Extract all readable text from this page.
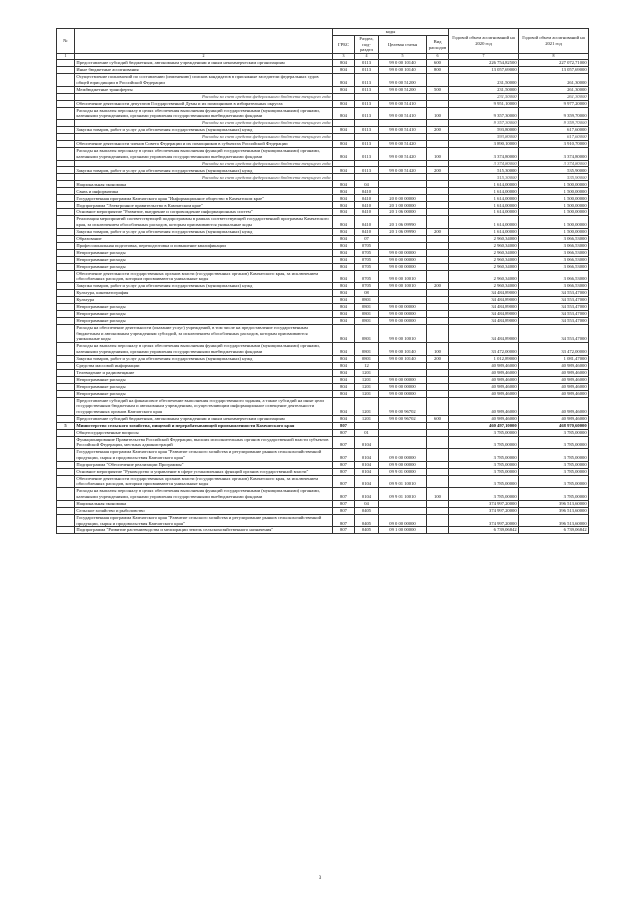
№		коды				Годовой объем ассигнований на 2020 год	Годовой объем ассигнований на 2021 год
		ГРБС	Раздел, под-раздел	Целевая статья	Вид расходов		
1	2	3	4	5	6	7	8
	Предоставление субсидий бюджетным, автономным учреждениям и иным некоммерческим организациям	804	0113	99 0 00 10140	600	226 754,82500	227 072,71000
	Иные бюджетные ассигнования	804	0113	99 0 00 10140	800	13 057,69000	13 057,69000
	Осуществление полномочий по составлению (изменению) списков кандидатов в присяжные заседатели федеральных судов общей юрисдикции в Российской Федерации	804	0113	99 0 00 51200		231,50000	261,30000
	Межбюджетные трансферты	804	0113	99 0 00 51200	500	231,50000	261,30000
	Расходы за счет средств федерального бюджета текущего года					231,50000	261,30000
	Обеспечение деятельности депутатов Государственной Думы и их помощников в избирательных округах	804	0113	99 0 00 51410		9 951,10000	9 977,20000
	Расходы на выплаты персоналу в целях обеспечения выполнения функций государственными (муниципальными) органами, казенными учреждениями, органами управления государственными внебюджетными фондами	804	0113	99 0 00 51410	100	9 357,30000	9 359,70000
	Расходы за счет средств федерального бюджета текущего года					9 357,30000	9 359,70000
	Закупка товаров, работ и услуг для обеспечения государственных (муниципальных) нужд	804	0113	99 0 00 51410	200	593,80000	617,60000
	Расходы за счет средств федерального бюджета текущего года					593,80000	617,60000
	Обеспечение деятельности членов Совета Федерации и их помощников в субъектах Российской Федерации	804	0113	99 0 00 51420		3 890,10000	3 910,70000
	Расходы на выплаты персоналу в целях обеспечения выполнения функций государственными (муниципальными) органами, казенными учреждениями, органами управления государственными внебюджетными фондами	804	0113	99 0 00 51420	100	3 374,80000	3 374,80000
	Расходы за счет средств федерального бюджета текущего года					3 374,80000	3 374,80000
	Закупка товаров, работ и услуг для обеспечения государственных (муниципальных) нужд	804	0113	99 0 00 51420	200	515,30000	535,90000
	Расходы за счет средств федерального бюджета текущего года					515,30000	535,90000
	Национальная экономика	804	04			1 614,00000	1 500,00000
	Связь и информатика	804	0410			1 614,00000	1 500,00000
	Государственная программа Камчатского края "Информационное общество в Камчатском крае"	804	0410	20 0 00 00000		1 614,00000	1 500,00000
	Подпрограмма "Электронное правительство в Камчатском крае"	804	0410	20 1 00 00000		1 614,00000	1 500,00000
	Основное мероприятие "Развитие, внедрение и сопровождение информационных систем"	804	0410	20 1 06 00000		1 614,00000	1 500,00000
	Реализация мероприятий соответствующей подпрограммы в рамках соответствующей государственной программы Камчатского края, за исключением обособленных расходов, которым присваиваются уникальные коды	804	0410	20 1 06 09990		1 614,00000	1 500,00000
	Закупка товаров, работ и услуг для обеспечения государственных (муниципальных) нужд	804	0410	20 1 06 09990	200	1 614,00000	1 500,00000
	Образование	804	07			2 960,34000	3 066,53000
	Профессиональная подготовка, переподготовка и повышение квалификации	804	0705			2 960,34000	3 066,53000
	Непрограммные расходы	804	0705	99 0 00 00000		2 960,34000	3 066,53000
	Непрограммные расходы	804	0705	99 0 00 00000		2 960,34000	3 066,53000
	Непрограммные расходы	804	0705	99 0 00 00000		2 960,34000	3 066,53000
	Обеспечение деятельности государственных органов власти (государственных органов) Камчатского края, за исключением обособленных расходов, которым присваиваются уникальные коды	804	0705	99 0 00 10010		2 960,34000	3 066,53000
	Закупка товаров, работ и услуг для обеспечения государственных (муниципальных) нужд	804	0705	99 0 00 10010	200	2 960,34000	3 066,53000
	Культура, кинематография	804	08			34 484,89000	34 553,47000
	Культура	804	0801			34 484,89000	34 553,47000
	Непрограммные расходы	804	0801	99 0 00 00000		34 484,89000	34 553,47000
	Непрограммные расходы	804	0801	99 0 00 00000		34 484,89000	34 553,47000
	Непрограммные расходы	804	0801	99 0 00 00000		34 484,89000	34 553,47000
	Расходы на обеспечение деятельности (оказание услуг) учреждений, в том числе на предоставление государственным бюджетным и автономным учреждениям субсидий, за исключением обособленных расходов, которым присваиваются уникальные коды	804	0801	99 0 00 10010		34 484,89000	34 553,47000
	Расходы на выплаты персоналу в целях обеспечения выполнения функций государственными (муниципальными) органами, казенными учреждениями, органами управления государственными внебюджетными фондами	804	0801	99 0 00 10140	100	33 472,00000	33 472,00000
	Закупка товаров, работ и услуг для обеспечения государственных (муниципальных) нужд	804	0801	99 0 00 10140	200	1 012,89000	1 081,47000
	Средства массовой информации	804	12			40 989,46000	40 989,46000
	Телевидение и радиовещание	804	1201			40 989,46000	40 989,46000
	Непрограммные расходы	804	1201	99 0 00 00000		40 989,46000	40 989,46000
	Непрограммные расходы	804	1201	99 0 00 00000		40 989,46000	40 989,46000
	Непрограммные расходы	804	1201	99 0 00 00000		40 989,46000	40 989,46000
	Предоставление субсидий на финансовое обеспечение выполнения государственного задания, а также субсидий на иные цели государственным бюджетным и автономным учреждениям, осуществляющим информационное освещение деятельности государственных органов Камчатского края	804	1201	99 0 00 96702		40 989,46000	40 989,46000
	Предоставление субсидий бюджетным, автономным учреждениям и иным некоммерческим организациям	804	1201	99 0 00 96702	600	40 989,46000	40 989,46000
5	Министерство сельского хозяйства, пищевой и перерабатывающей промышленности Камчатского края	807				460 497,10000	468 970,60000
	Общегосударственные вопросы	807	01			3 785,00000	3 785,00000
	Функционирование Правительства Российской Федерации, высших исполнительных органов государственной власти субъектов Российской Федерации, местных администраций	807	0104			3 785,00000	3 785,00000
	Государственная программа Камчатского края "Развитие сельского хозяйства и регулирование рынков сельскохозяйственной продукции, сырья и продовольствия Камчатского края"	807	0104	09 0 00 00000		3 785,00000	3 785,00000
	Подпрограмма "Обеспечение реализации Программы"	807	0104	09 9 00 00000		3 785,00000	3 785,00000
	Основное мероприятие "Руководство и управление в сфере установленных функций органов государственной власти"	807	0104	09 9 01 00000		3 785,00000	3 785,00000
	Обеспечение деятельности государственных органов власти (государственных органов) Камчатского края, за исключением обособленных расходов, которым присваиваются уникальные коды	807	0104	09 9 01 10010		3 785,00000	3 785,00000
	Расходы на выплаты персоналу в целях обеспечения выполнения функций государственными (муниципальными) органами, казенными учреждениями, органами управления государственными внебюджетными фондами	807	0104	09 9 01 10010	100	3 785,00000	3 785,00000
	Национальная экономика	807	04			374 997,20000	396 513,60000
	Сельское хозяйство и рыболовство	807	0405			374 997,20000	396 513,60000
	Государственная программа Камчатского края "Развитие сельского хозяйства и регулирование рынков сельскохозяйственной продукции, сырья и продовольствия Камчатского края"	807	0405	09 0 00 00000		374 997,20000	396 513,60000
	Подпрограмма "Развитие растениеводства и мелиорации земель сельскохозяйственного назначения"	807	0405	09 1 00 00000		6 739,06842	6 739,06842
3
